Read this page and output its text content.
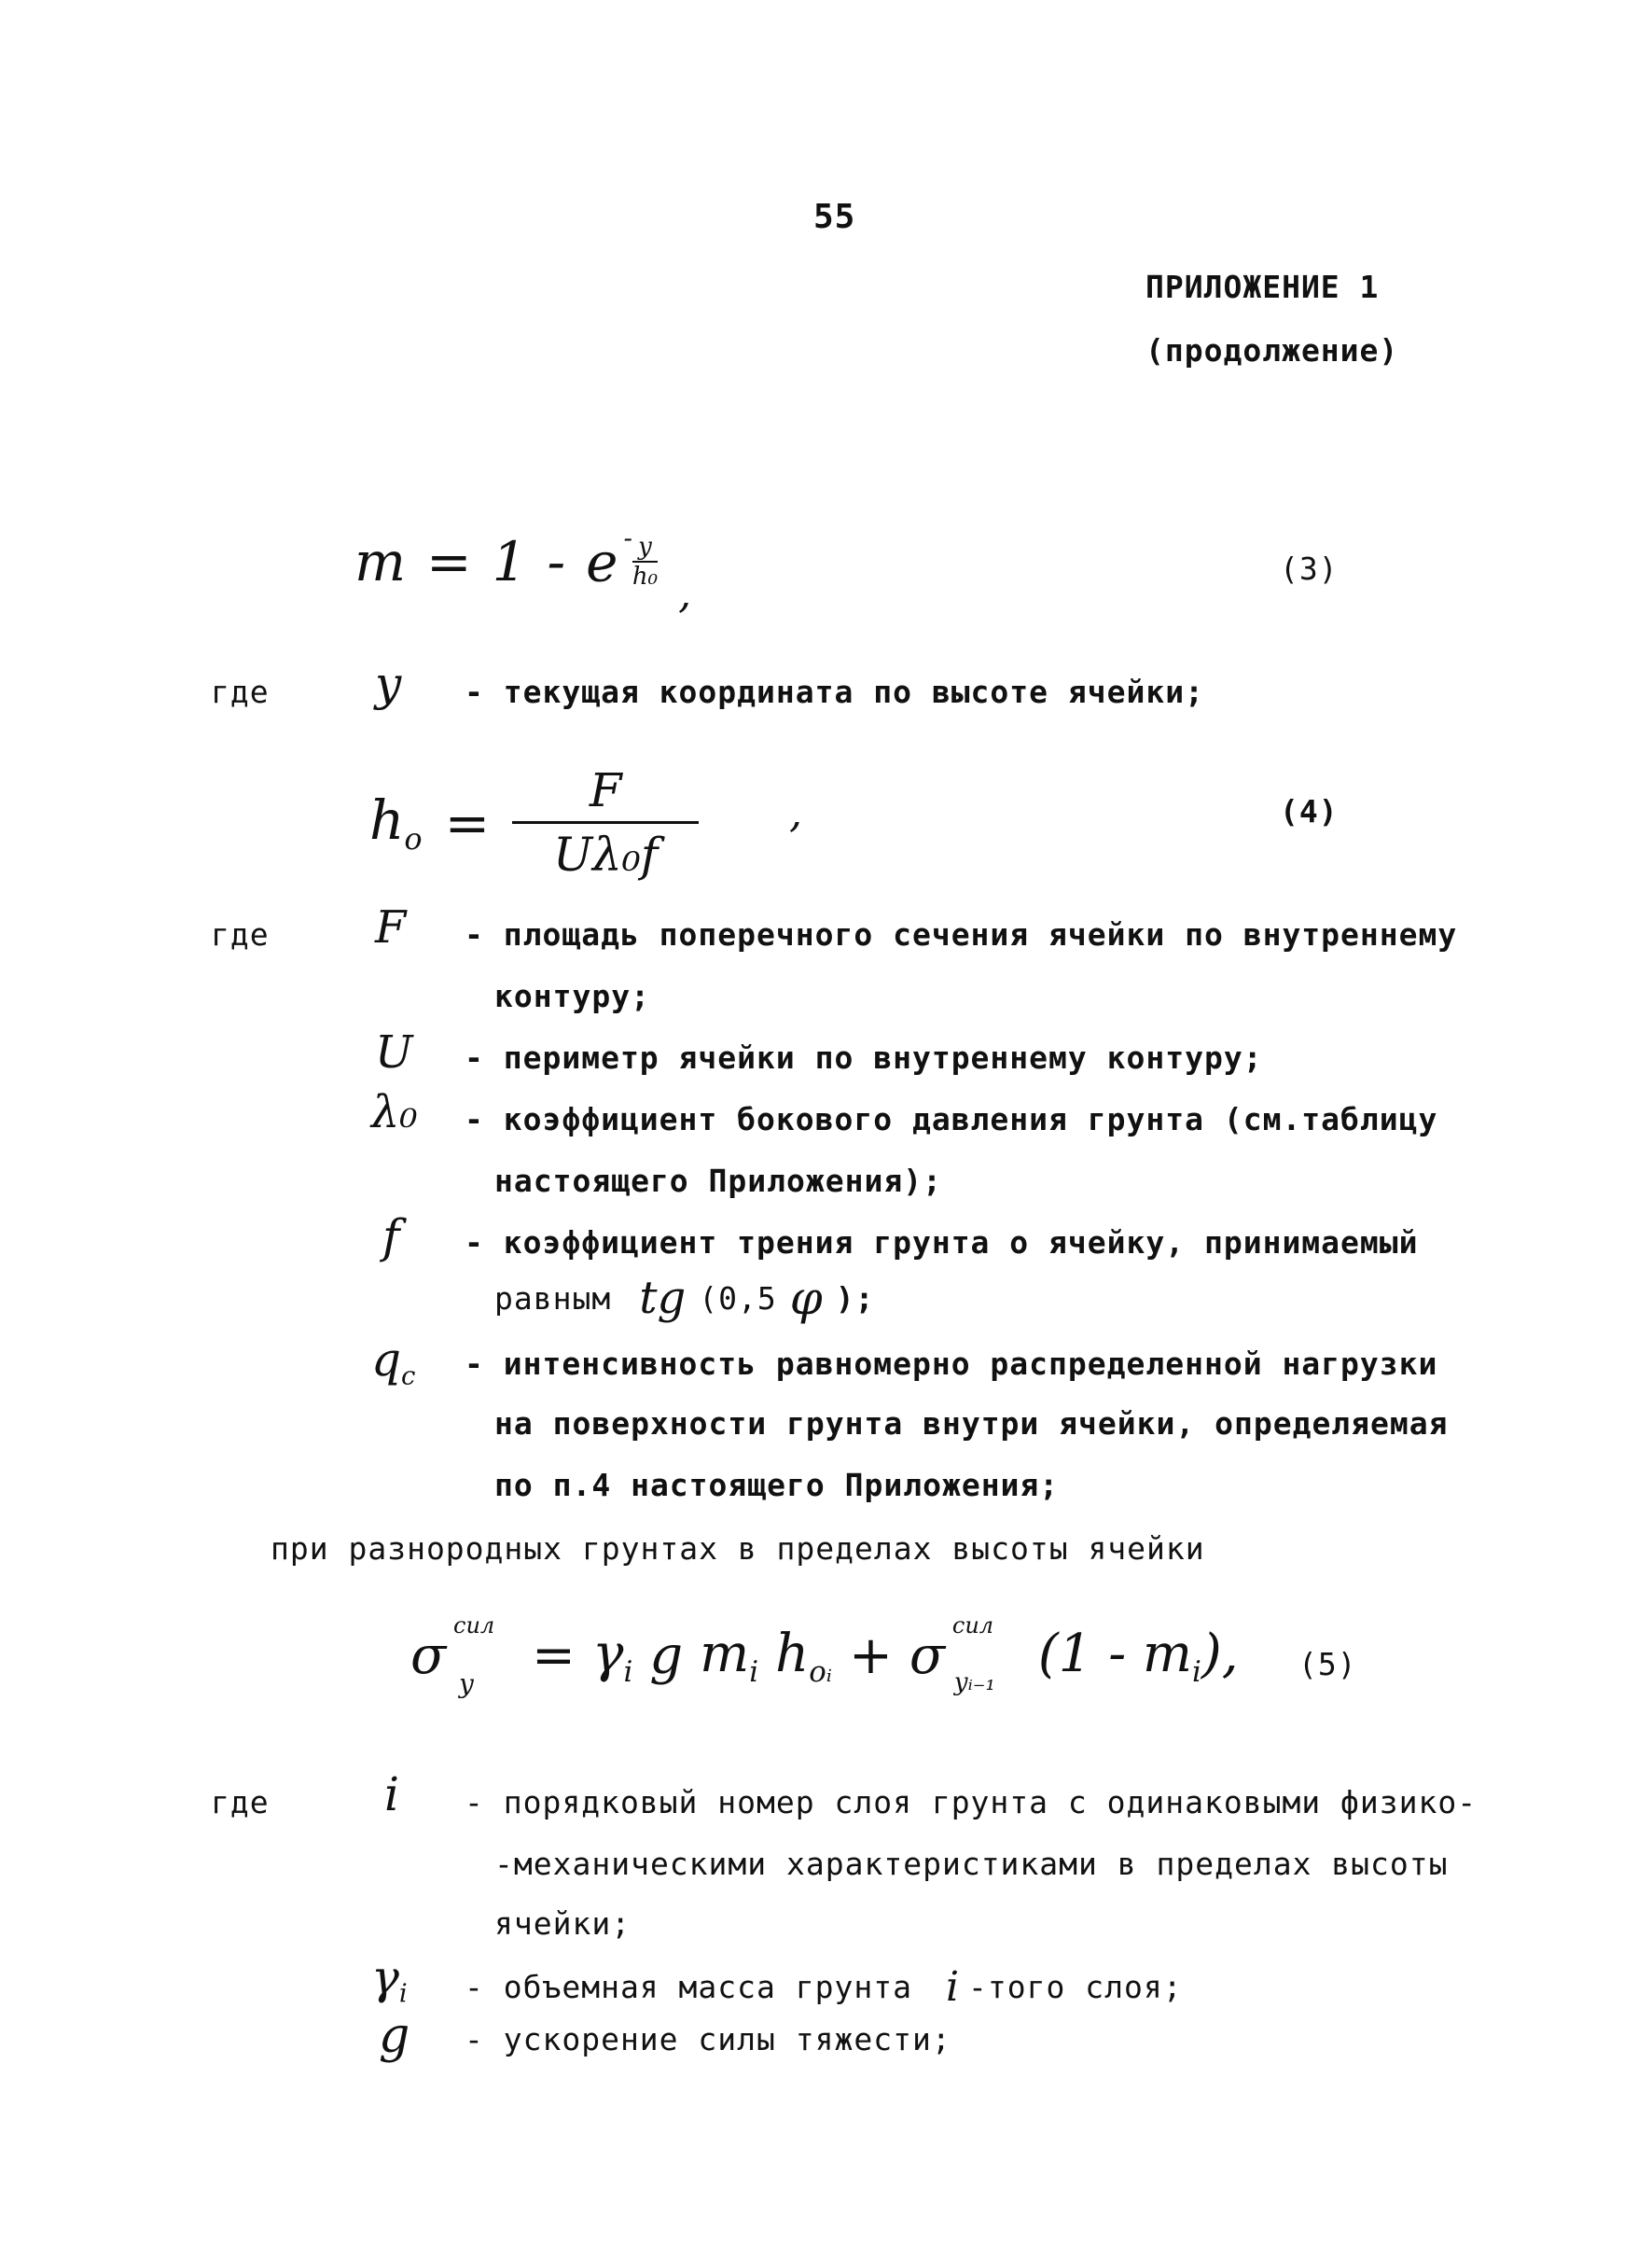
55
ПРИЛОЖЕНИЕ 1
(продолжение)
m = 1 - e $^- \frac{y}{\text{h₀}}$
,
(3)
где y - текущая координата по высоте ячейки;
$h_o = \frac{F}{\text{Uλ₀f}}$ ,	(4)
где F - площадь поперечного сечения ячейки по внутреннему
контуру;
U - периметр ячейки по внутреннему контуру;
λ₀ - коэффициент бокового давления грунта (см.таблицу
настоящего Приложения);
f - коэффициент трения грунта о ячейку, принимаемый
равным tg (0,5 φ );
$q_c$ - интенсивность равномерно распределенной нагрузки
на поверхности грунта внутри ячейки, определяемая
по п.4 настоящего Приложения;
при разнородных грунтах в пределах высоты ячейки
σ сил
$y = \gamma_i$ g $m_i$ $h_{oᵢ} + \sigma$ сил
yᵢ₋₁ $(1 - m_i)$, (5)
где i - порядковый номер слоя грунта с одинаковыми физико-
-механическими характеристиками в пределах высоты
ячейки;
$\gamma_i$ - объемная масса грунта i -того слоя;
g - ускорение силы тяжести;
